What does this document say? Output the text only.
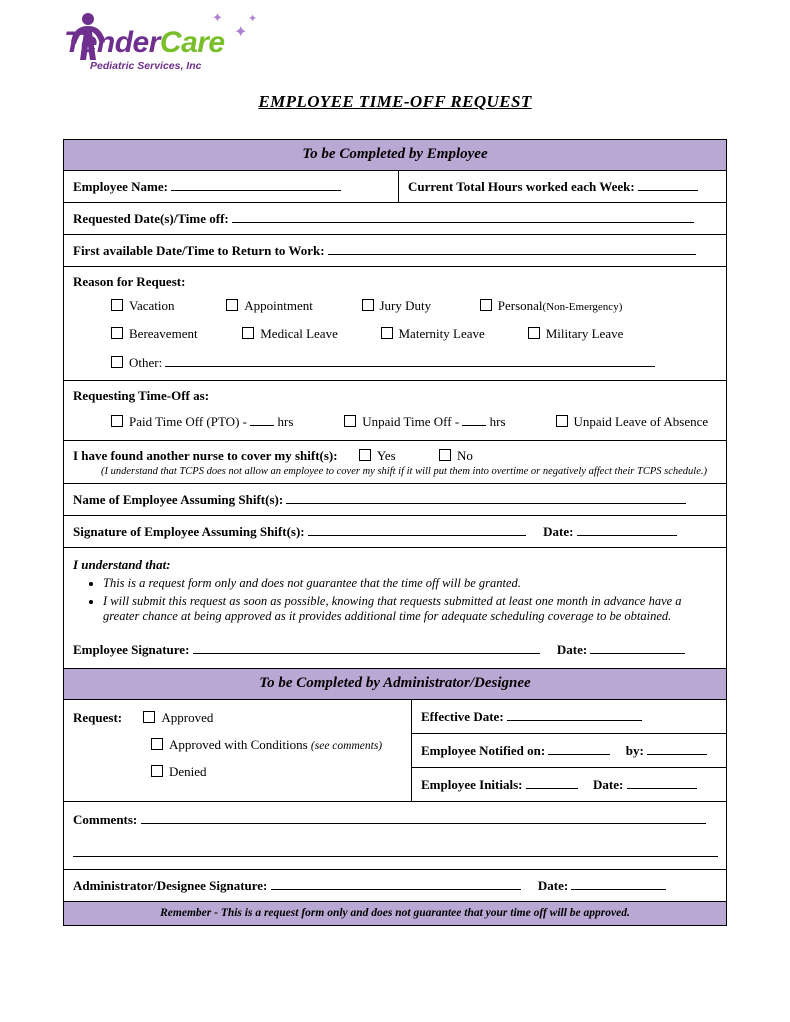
✦
✦
✦
TenderCare
Pediatric Services, Inc
EMPLOYEE TIME-OFF REQUEST
To be Completed by Employee
Employee Name:	Current Total Hours worked each Week:
Requested Date(s)/Time off:
First available Date/Time to Return to Work:
Reason for Request:
Vacation	Appointment	Jury Duty	Personal(Non-Emergency)
Bereavement	Medical Leave	Maternity Leave	Military Leave
Other:
Requesting Time-Off as:
Paid Time Off (PTO) -  hrs	Unpaid Time Off -  hrs	Unpaid Leave of Absence
I have found another nurse to cover my shift(s):	Yes	No
(I understand that TCPS does not allow an employee to cover my shift if it will put them into overtime or negatively affect their TCPS schedule.)
Name of Employee Assuming Shift(s):
Signature of Employee Assuming Shift(s):	Date:
I understand that:
• This is a request form only and does not guarantee that the time off will be granted.
• I will submit this request as soon as possible, knowing that requests submitted at least one month in advance have a greater chance at being approved as it provides additional time for adequate scheduling coverage to be obtained.
Employee Signature:	Date:
To be Completed by Administrator/Designee
Request:	Approved
Approved with Conditions (see comments)
Denied
Effective Date:
Employee Notified on:	by:
Employee Initials:	Date:
Comments:
Administrator/Designee Signature:	Date:
Remember - This is a request form only and does not guarantee that your time off will be approved.
